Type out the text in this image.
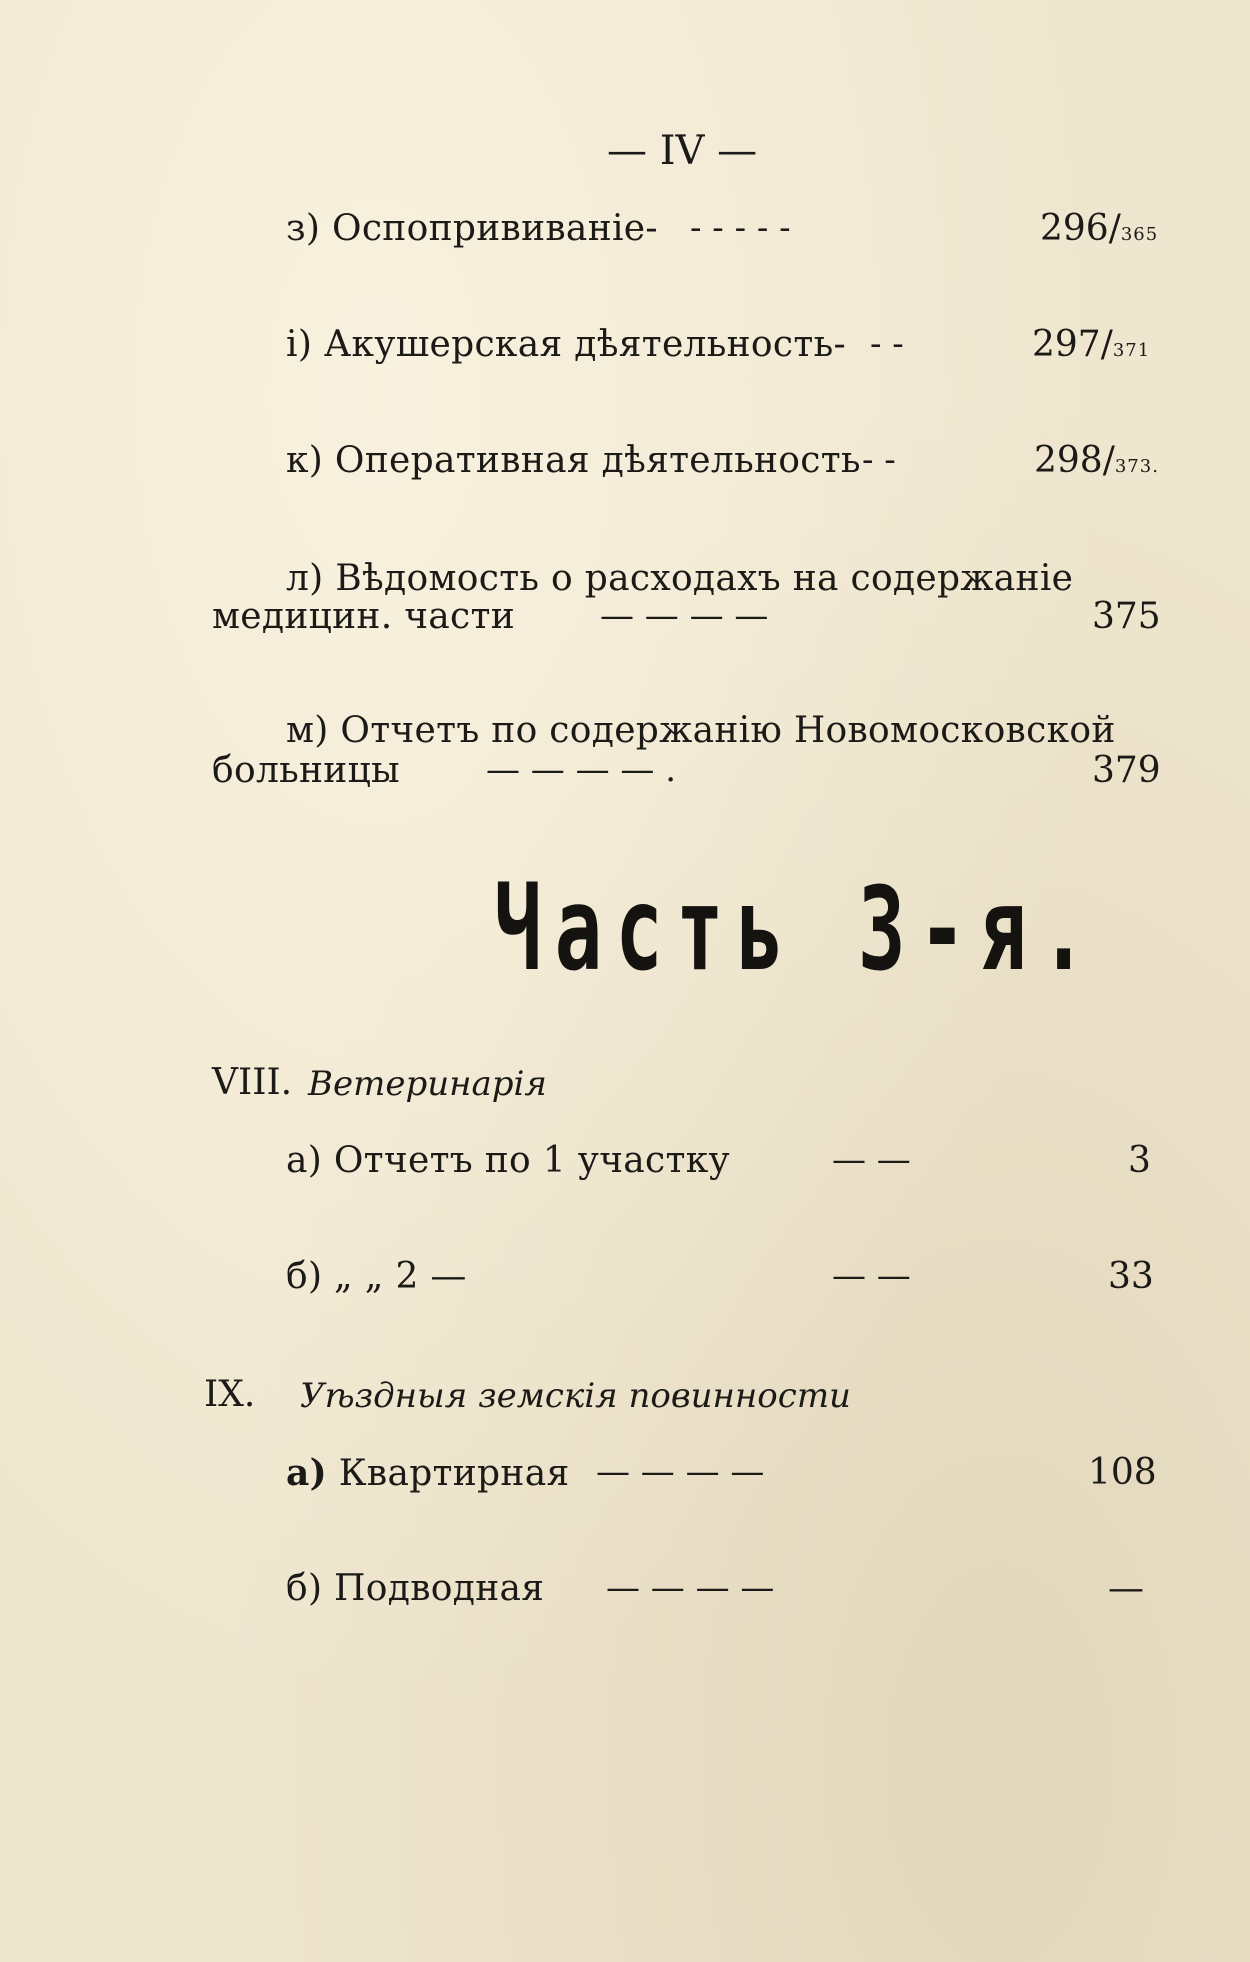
— IV —
з) Оспопрививаніе- - - - - -	296/365
і) Акушерская дѣятельность- - -	297/371
к) Оперативная дѣятельность - -	298/373.
л) Вѣдомость о расходахъ на содержаніе
медицин. части — — — —	375
м) Отчетъ по содержанію Новомосковской
больницы	— — — — .	379
Часть 3-я.
VIII. Ветеринарія
а) Отчетъ по 1 участку	— —	3
б) „ „ 2 —	— —	33
IX. Уѣздныя земскія повинности
а) Квартирная — — — —	108
б) Подводная — — — —	—
